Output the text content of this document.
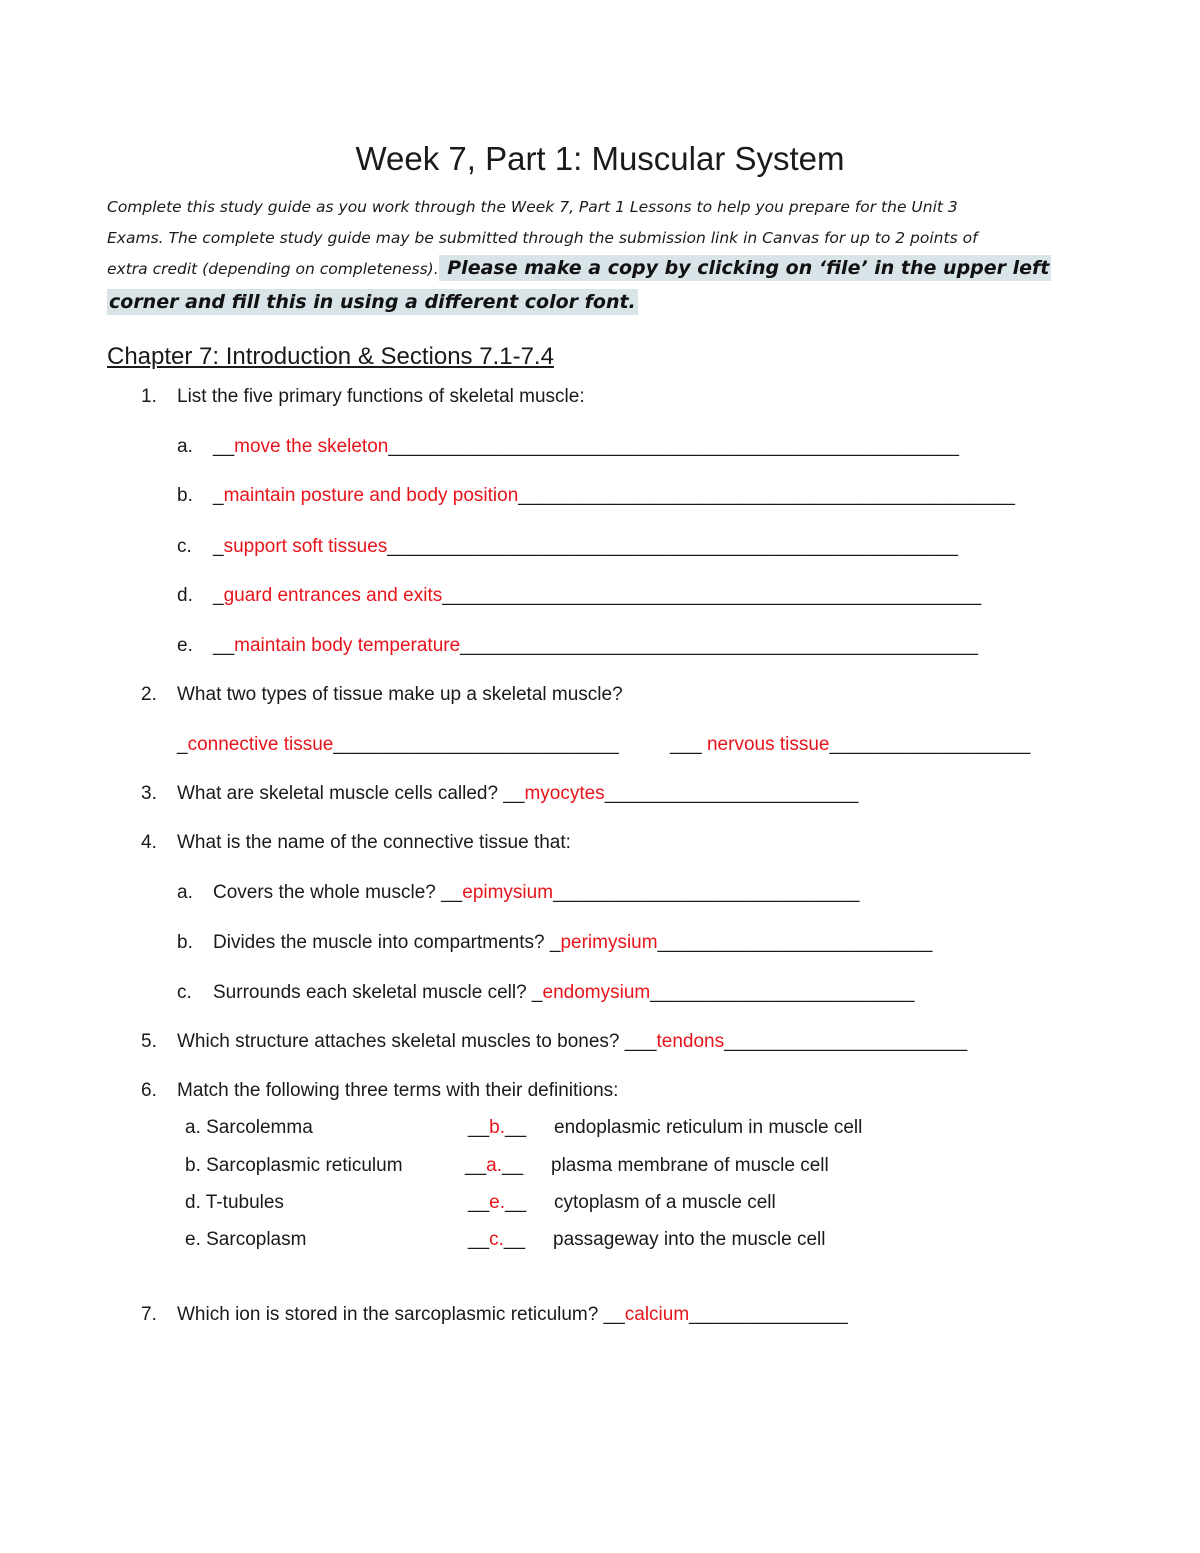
Week 7, Part 1: Muscular System
Complete this study guide as you work through the Week 7, Part 1 Lessons to help you prepare for the Unit 3
Exams. The complete study guide may be submitted through the submission link in Canvas for up to 2 points of
extra credit (depending on completeness). Please make a copy by clicking on ‘file’ in the upper left
corner and fill this in using a different color font.
Chapter 7: Introduction & Sections 7.1-7.4
1. List the five primary functions of skeletal muscle:
a. __move the skeleton______________________________________________________
b. _maintain posture and body position_______________________________________________
c. _support soft tissues______________________________________________________
d. _guard entrances and exits___________________________________________________
e. __maintain body temperature_________________________________________________
2. What two types of tissue make up a skeletal muscle?
_connective tissue___________________________	___ nervous tissue___________________
3. What are skeletal muscle cells called? __myocytes________________________
4. What is the name of the connective tissue that:
a. Covers the whole muscle? __epimysium_____________________________
b. Divides the muscle into compartments? _perimysium__________________________
c. Surrounds each skeletal muscle cell? _endomysium_________________________
5. Which structure attaches skeletal muscles to bones? ___tendons_______________________
6. Match the following three terms with their definitions:
a. Sarcolemma	__b.__ endoplasmic reticulum in muscle cell
b. Sarcoplasmic reticulum	__a.__ plasma membrane of muscle cell
d. T-tubules	__e.__ cytoplasm of a muscle cell
e. Sarcoplasm	__c.__ passageway into the muscle cell
7. Which ion is stored in the sarcoplasmic reticulum? __calcium_______________
